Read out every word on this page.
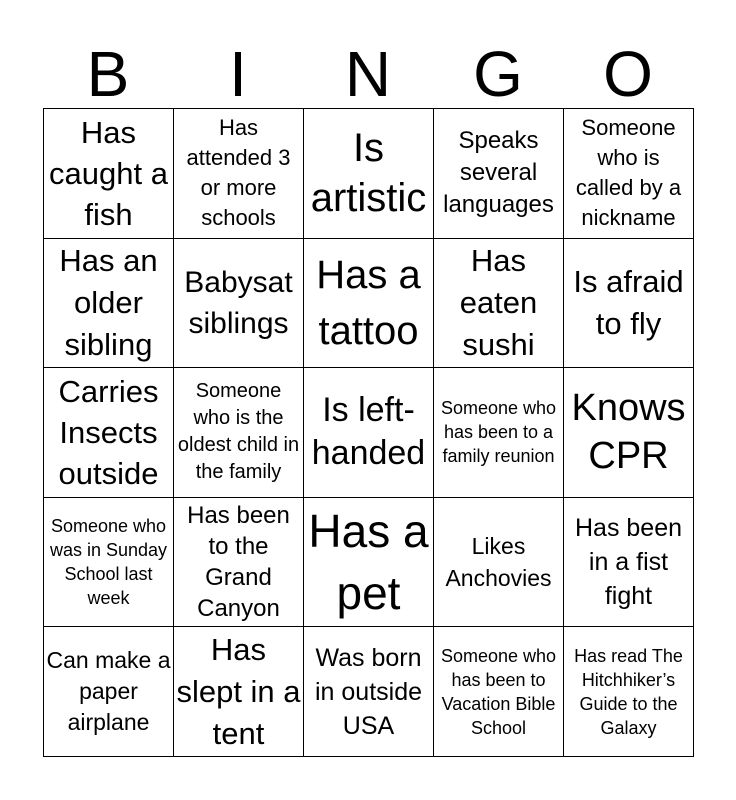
B	I	N	G	O
Has caught a fish	Has attended 3 or more schools	Is artistic	Speaks several languages	Someone who is called by a nickname

Has an older sibling	Babysat siblings	Has a tattoo	Has eaten sushi	Is afraid to fly

Carries Insects outside	Someone who is the oldest child in the family	Is left-handed	Someone who has been to a family reunion	Knows CPR

Someone who was in Sunday School last week	Has been to the Grand Canyon	Has a pet	Likes Anchovies	Has been in a fist fight

Can make a paper airplane	Has slept in a tent	Was born in outside USA	Someone who has been to Vacation Bible School	Has read The Hitchhiker’s Guide to the Galaxy
